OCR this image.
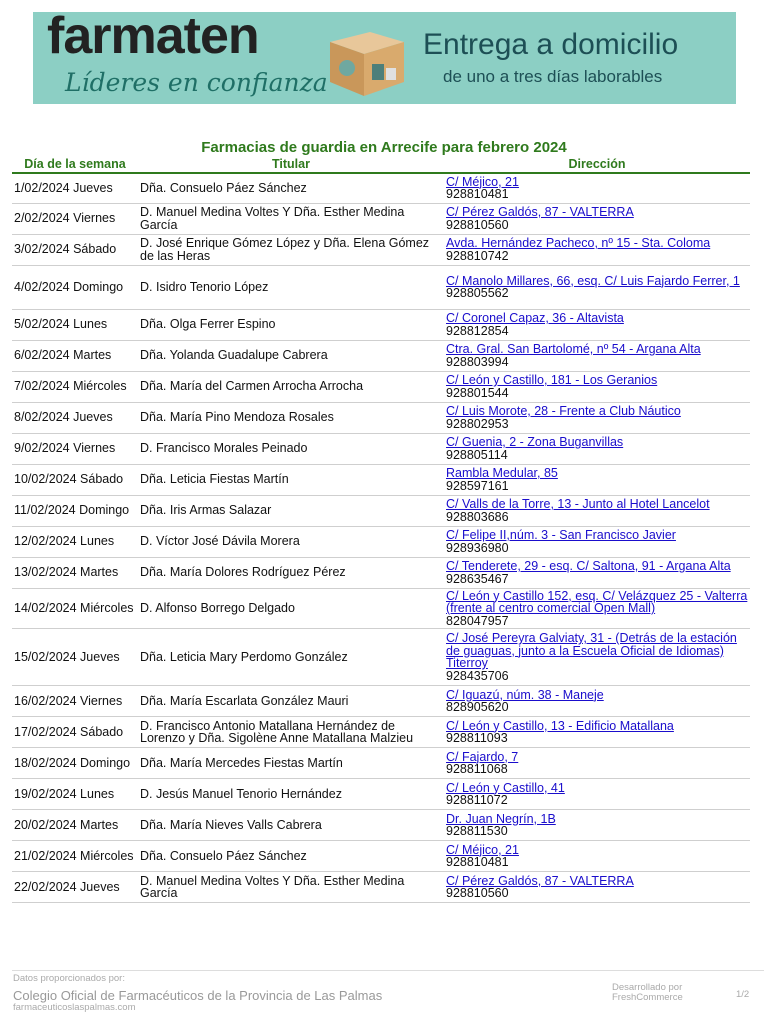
farmaten
Líderes en confianza
Entrega a domicilio
de uno a tres días laborables
Farmacias de guardia en Arrecife para febrero 2024
Día de la semana	Titular	Dirección
1/02/2024 Jueves	Dña. Consuelo Páez Sánchez	C/ Méjico, 21
928810481

2/02/2024 Viernes	D. Manuel Medina Voltes Y Dña. Esther Medina García	C/ Pérez Galdós, 87 - VALTERRA
928810560

3/02/2024 Sábado	D. José Enrique Gómez López y Dña. Elena Gómez de las Heras	Avda. Hernández Pacheco, nº 15 - Sta. Coloma
928810742

4/02/2024 Domingo	D. Isidro Tenorio López	C/ Manolo Millares, 66, esq. C/ Luis Fajardo Ferrer, 1
928805562

5/02/2024 Lunes	Dña. Olga Ferrer Espino	C/ Coronel Capaz, 36 - Altavista
928812854

6/02/2024 Martes	Dña. Yolanda Guadalupe Cabrera	Ctra. Gral. San Bartolomé, nº 54 - Argana Alta
928803994

7/02/2024 Miércoles	Dña. María del Carmen Arrocha Arrocha	C/ León y Castillo, 181 - Los Geranios
928801544

8/02/2024 Jueves	Dña. María Pino Mendoza Rosales	C/ Luis Morote, 28 - Frente a Club Náutico
928802953

9/02/2024 Viernes	D. Francisco Morales Peinado	C/ Guenia, 2 - Zona Buganvillas
928805114

10/02/2024 Sábado	Dña. Leticia Fiestas Martín	Rambla Medular, 85
928597161

11/02/2024 Domingo	Dña. Iris Armas Salazar	C/ Valls de la Torre, 13 - Junto al Hotel Lancelot
928803686

12/02/2024 Lunes	D. Víctor José Dávila Morera	C/ Felipe II,núm. 3 - San Francisco Javier
928936980

13/02/2024 Martes	Dña. María Dolores Rodríguez Pérez	C/ Tenderete, 29 - esq. C/ Saltona, 91 - Argana Alta
928635467

14/02/2024 Miércoles	D. Alfonso Borrego Delgado	C/ León y Castillo 152, esq. C/ Velázquez 25 - Valterra (frente al centro comercial Open Mall)
828047957

15/02/2024 Jueves	Dña. Leticia Mary Perdomo González	C/ José Pereyra Galviaty, 31 - (Detrás de la estación de guaguas, junto a la Escuela Oficial de Idiomas) Titerroy
928435706

16/02/2024 Viernes	Dña. María Escarlata González Mauri	C/ Iguazú, núm. 38 - Maneje
828905620

17/02/2024 Sábado	D. Francisco Antonio Matallana Hernández de Lorenzo y Dña. Sigolène Anne Matallana Malzieu	C/ León y Castillo, 13 - Edificio Matallana
928811093

18/02/2024 Domingo	Dña. María Mercedes Fiestas Martín	C/ Fajardo, 7
928811068

19/02/2024 Lunes	D. Jesús Manuel Tenorio Hernández	C/ León y Castillo, 41
928811072

20/02/2024 Martes	Dña. María Nieves Valls Cabrera	Dr. Juan Negrín, 1B
928811530

21/02/2024 Miércoles	Dña. Consuelo Páez Sánchez	C/ Méjico, 21
928810481

22/02/2024 Jueves	D. Manuel Medina Voltes Y Dña. Esther Medina García	C/ Pérez Galdós, 87 - VALTERRA
928810560
Datos proporcionados por:
Colegio Oficial de Farmacéuticos de la Provincia de Las Palmas
farmaceuticoslaspalmas.com
Desarrollado por
FreshCommerce	1/2
